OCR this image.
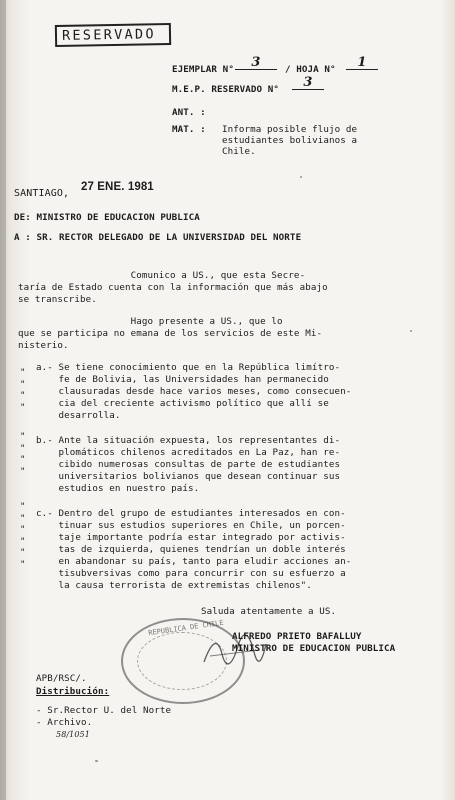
RESERVADO
EJEMPLAR N°	3	/ HOJA N°	1
M.E.P. RESERVADO N°	3
ANT. :
MAT. : Informa posible flujo de
estudiantes bolivianos a
Chile.
SANTIAGO,
27 ENE. 1981
DE: MINISTRO DE EDUCACION PUBLICA
A : SR. RECTOR DELEGADO DE LA UNIVERSIDAD DEL NORTE
Comunico a US., que esta Secre-
taría de Estado cuenta con la información que más abajo
se transcribe.
Hago presente a US., que lo
que se participa no emana de los servicios de este Mi-
nisterio.
"
"
"
"
"
"
"
"
"
"
"
"
"
"
a.- Se tiene conocimiento que en la República limítro-
fe de Bolivia, las Universidades han permanecido
clausuradas desde hace varios meses, como consecuen-
cia del creciente activismo político que allí se
desarrolla.
b.- Ante la situación expuesta, los representantes di-
plomáticos chilenos acreditados en La Paz, han re-
cibido numerosas consultas de parte de estudiantes
universitarios bolivianos que desean continuar sus
estudios en nuestro país.
c.- Dentro del grupo de estudiantes interesados en con-
tinuar sus estudios superiores en Chile, un porcen-
taje importante podría estar integrado por activis-
tas de izquierda, quienes tendrían un doble interés
en abandonar su país, tanto para eludir acciones an-
tisubversivas como para concurrir con su esfuerzo a
la causa terrorista de extremistas chilenos".
Saluda atentamente a US.
REPUBLICA DE CHILE ALFREDO PRIETO BAFALLUY
MINISTRO DE EDUCACION PUBLICA
APB/RSC/.
Distribución:
- Sr.Rector U. del Norte
- Archivo.
58/1051
